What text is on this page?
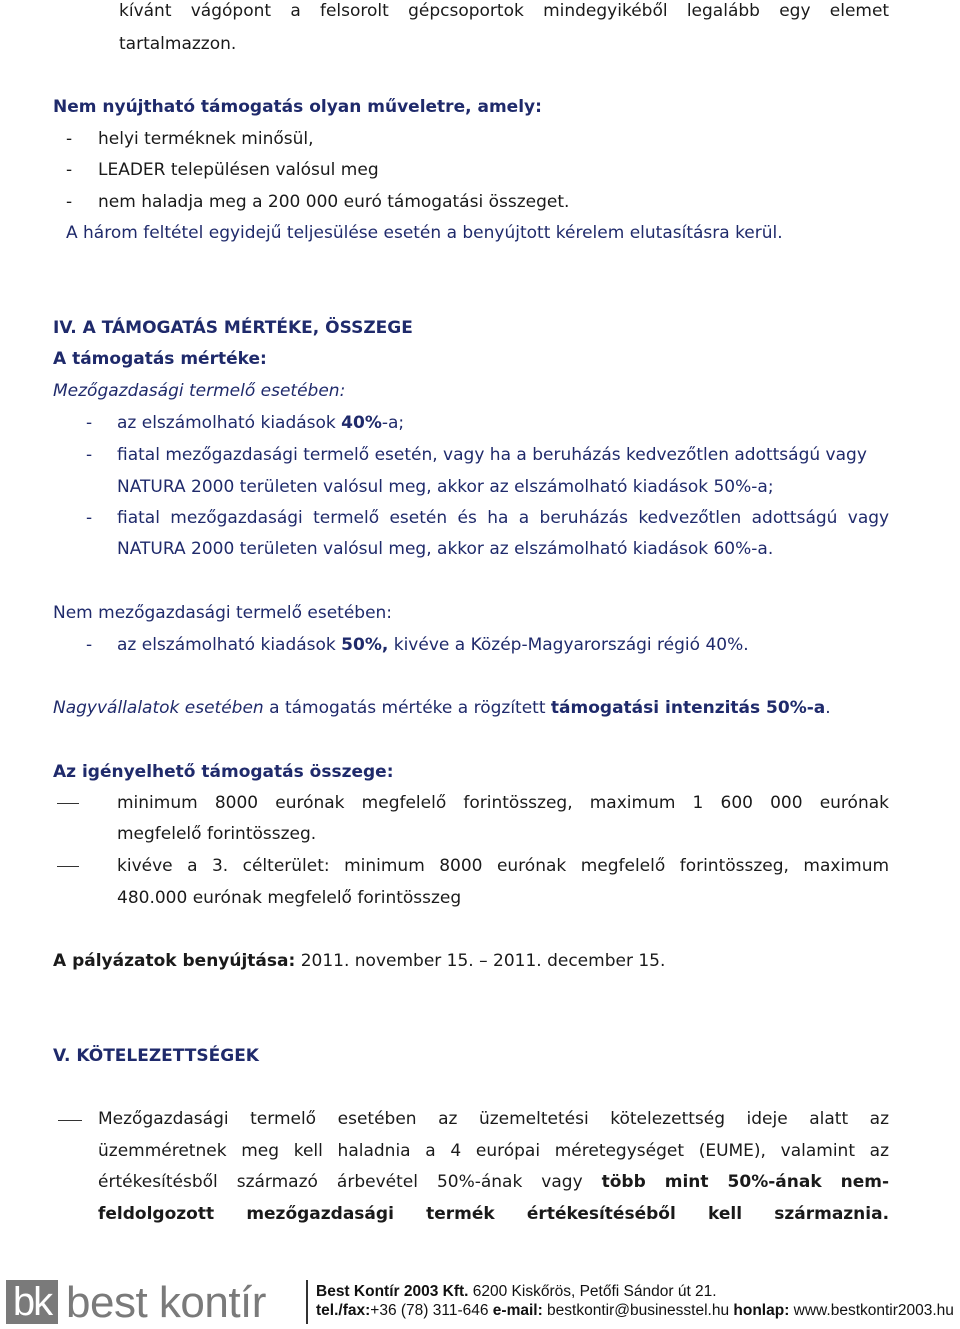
kívánt vágópont a felsorolt gépcsoportok mindegyikéből legalább egy elemet
tartalmazzon.
Nem nyújtható támogatás olyan műveletre, amely:
- helyi terméknek minősül,
- LEADER településen valósul meg
- nem haladja meg a 200 000 euró támogatási összeget.
A három feltétel egyidejű teljesülése esetén a benyújtott kérelem elutasításra kerül.
IV. A TÁMOGATÁS MÉRTÉKE, ÖSSZEGE
A támogatás mértéke:
Mezőgazdasági termelő esetében:
- az elszámolható kiadások 40%-a;
- fiatal mezőgazdasági termelő esetén, vagy ha a beruházás kedvezőtlen adottságú vagy
NATURA 2000 területen valósul meg, akkor az elszámolható kiadások 50%-a;
- fiatal mezőgazdasági termelő esetén és ha a beruházás kedvezőtlen adottságú vagy
NATURA 2000 területen valósul meg, akkor az elszámolható kiadások 60%-a.
Nem mezőgazdasági termelő esetében:
- az elszámolható kiadások 50%, kivéve a Közép-Magyarországi régió 40%.
Nagyvállalatok esetében a támogatás mértéke a rögzített támogatási intenzitás 50%-a.
Az igényelhető támogatás összege:
minimum 8000 eurónak megfelelő forintösszeg, maximum 1 600 000 eurónak
megfelelő forintösszeg.
kivéve a 3. célterület: minimum 8000 eurónak megfelelő forintösszeg, maximum
480.000 eurónak megfelelő forintösszeg
A pályázatok benyújtása: 2011. november 15. – 2011. december 15.
V. KÖTELEZETTSÉGEK
Mezőgazdasági termelő esetében az üzemeltetési kötelezettség ideje alatt az
üzemméretnek meg kell haladnia a 4 európai méretegységet (EUME), valamint az
értékesítésből származó árbevétel 50%-ának vagy több mint 50%-ának nem-
feldolgozott mezőgazdasági termék értékesítéséből kell származnia.
bk best kontír	Best Kontír 2003 Kft. 6200 Kiskőrös, Petőfi Sándor út 21.
tel./fax:+36 (78) 311-646 e-mail: bestkontir@businesstel.hu honlap: www.bestkontir2003.hu
